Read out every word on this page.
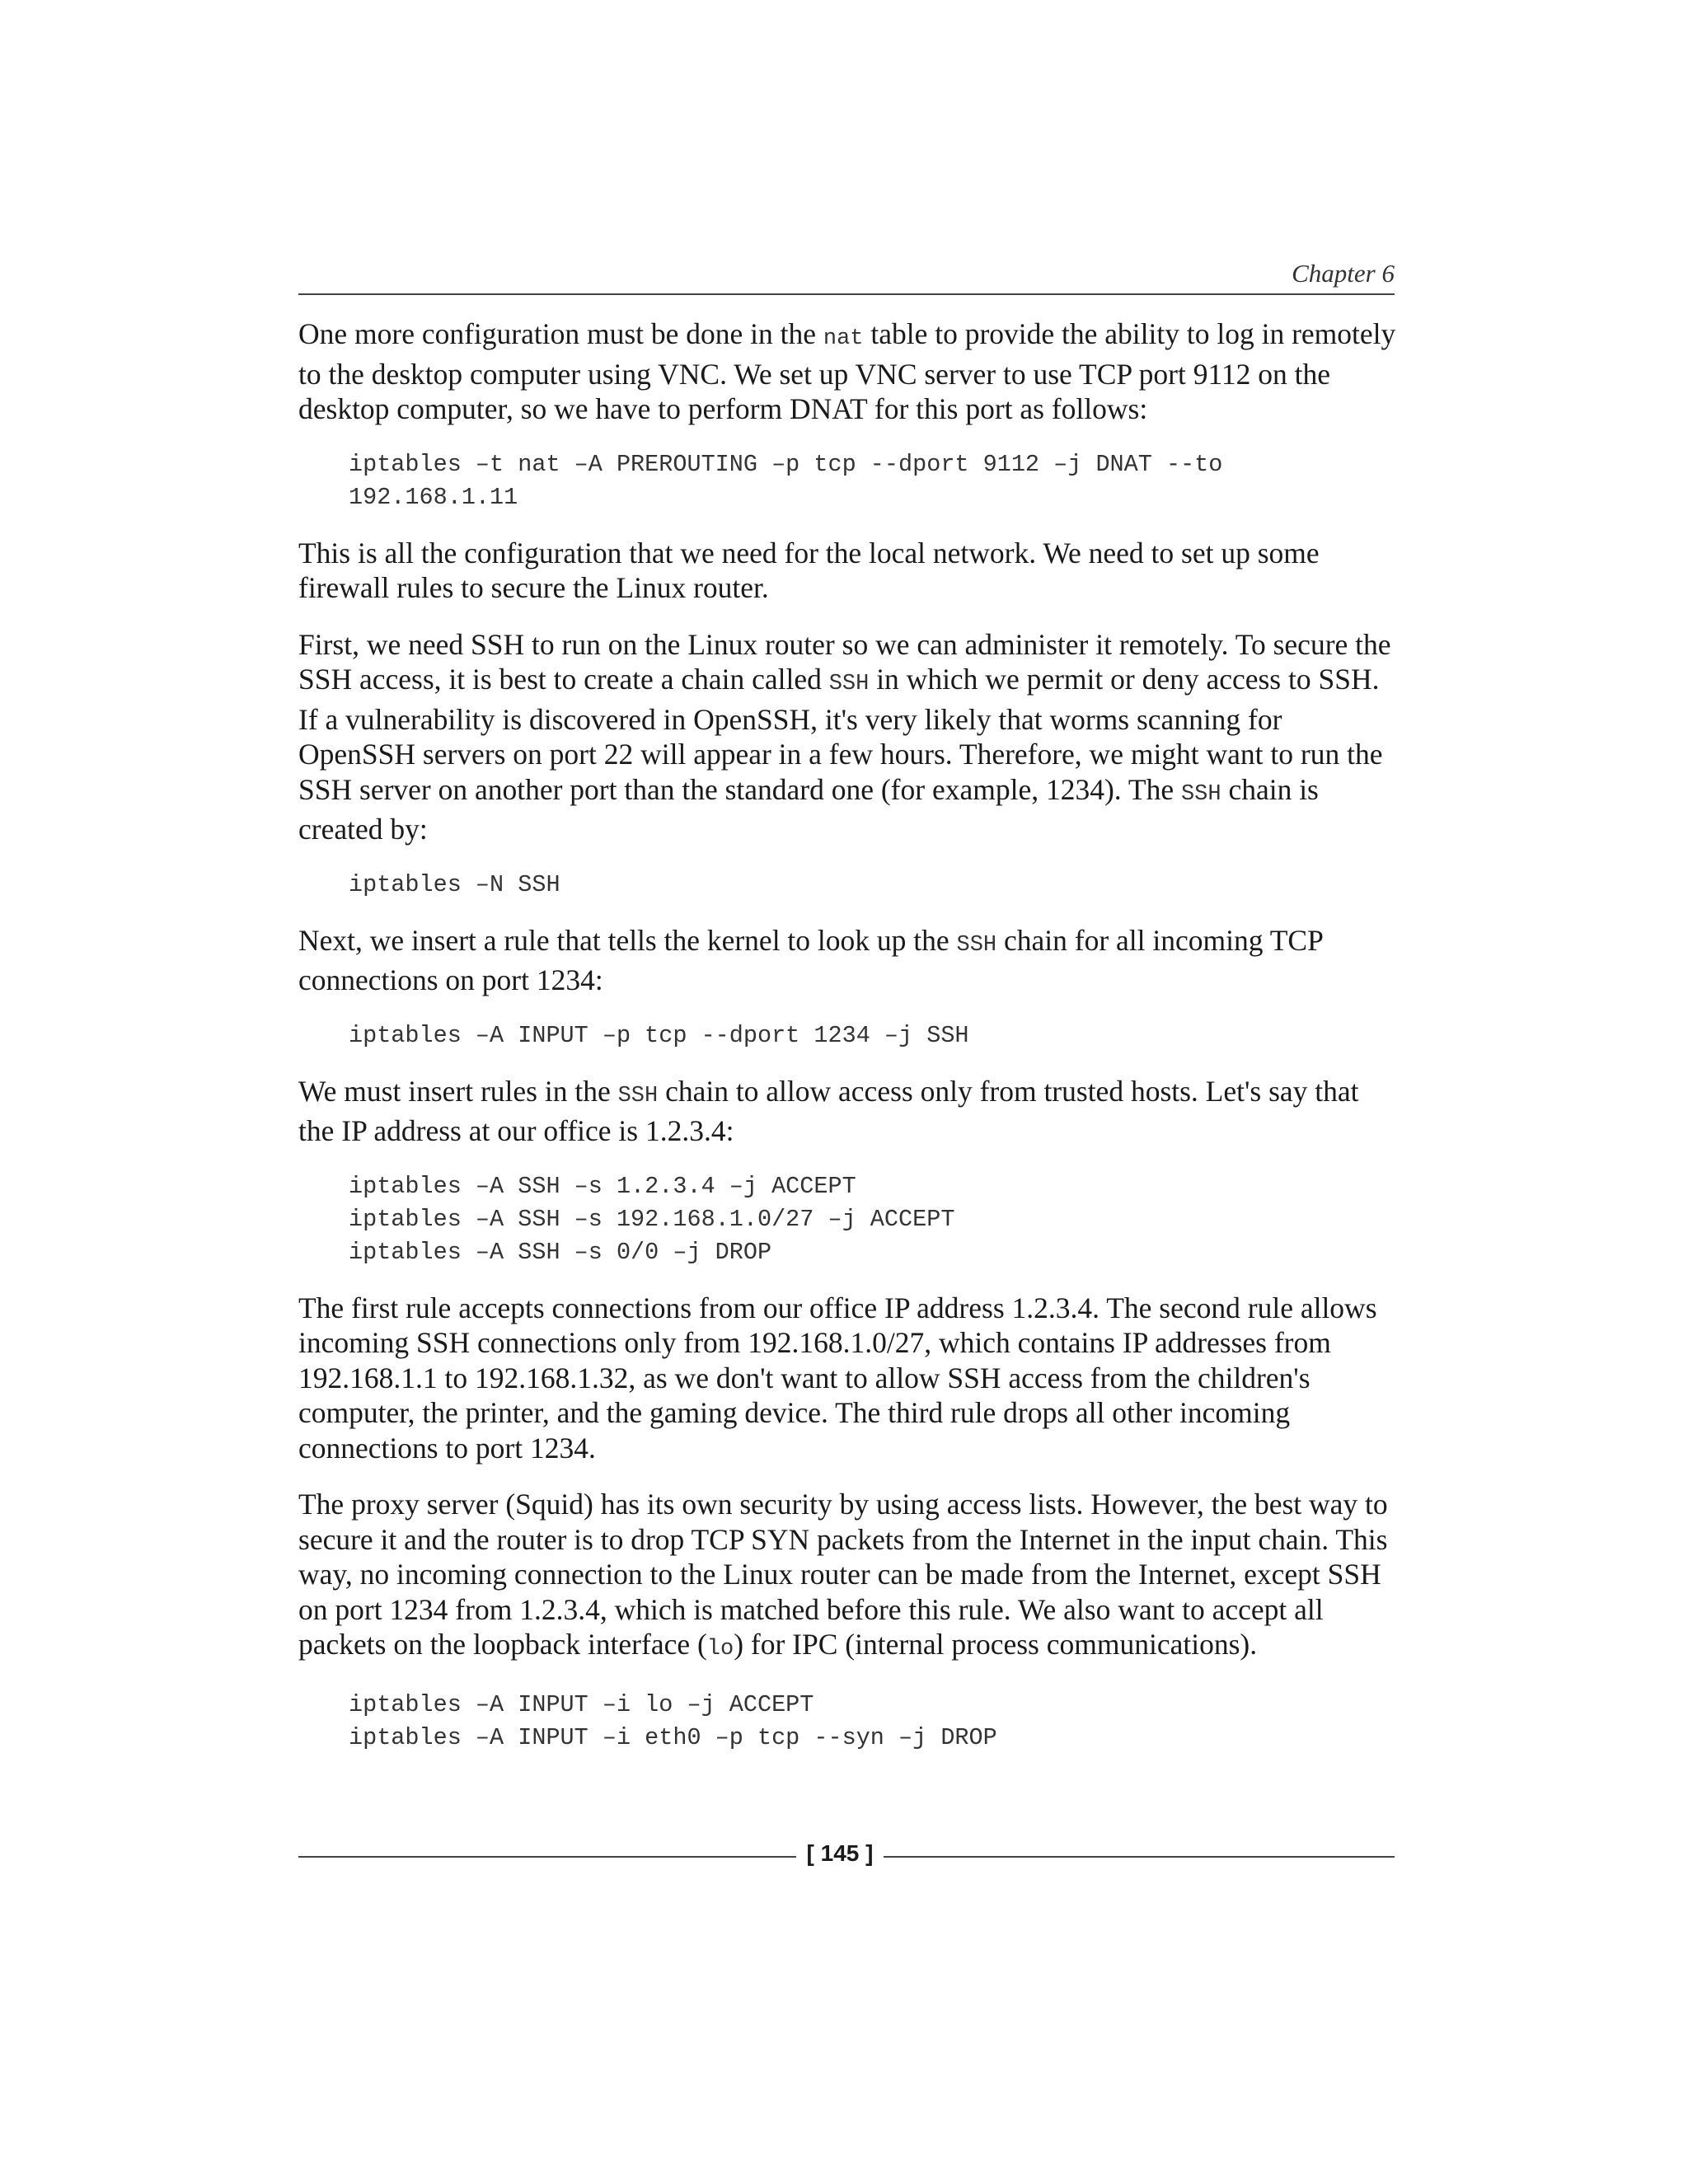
Chapter 6

One more configuration must be done in the nat table to provide the ability to log in remotely to the desktop computer using VNC. We set up VNC server to use TCP port 9112 on the desktop computer, so we have to perform DNAT for this port as follows:

iptables –t nat –A PREROUTING –p tcp --dport 9112 –j DNAT --to
192.168.1.11

This is all the configuration that we need for the local network. We need to set up some firewall rules to secure the Linux router.

First, we need SSH to run on the Linux router so we can administer it remotely. To secure the SSH access, it is best to create a chain called SSH in which we permit or deny access to SSH. If a vulnerability is discovered in OpenSSH, it's very likely that worms scanning for OpenSSH servers on port 22 will appear in a few hours. Therefore, we might want to run the SSH server on another port than the standard one (for example, 1234). The SSH chain is created by:

iptables –N SSH

Next, we insert a rule that tells the kernel to look up the SSH chain for all incoming TCP connections on port 1234:

iptables –A INPUT –p tcp --dport 1234 –j SSH

We must insert rules in the SSH chain to allow access only from trusted hosts. Let's say that the IP address at our office is 1.2.3.4:

iptables –A SSH –s 1.2.3.4 –j ACCEPT
iptables –A SSH –s 192.168.1.0/27 –j ACCEPT
iptables –A SSH –s 0/0 –j DROP

The first rule accepts connections from our office IP address 1.2.3.4. The second rule allows incoming SSH connections only from 192.168.1.0/27, which contains IP addresses from 192.168.1.1 to 192.168.1.32, as we don't want to allow SSH access from the children's computer, the printer, and the gaming device. The third rule drops all other incoming connections to port 1234.

The proxy server (Squid) has its own security by using access lists. However, the best way to secure it and the router is to drop TCP SYN packets from the Internet in the input chain. This way, no incoming connection to the Linux router can be made from the Internet, except SSH on port 1234 from 1.2.3.4, which is matched before this rule. We also want to accept all packets on the loopback interface (lo) for IPC (internal process communications).

iptables –A INPUT –i lo –j ACCEPT
iptables –A INPUT –i eth0 –p tcp --syn –j DROP
[ 145 ]
